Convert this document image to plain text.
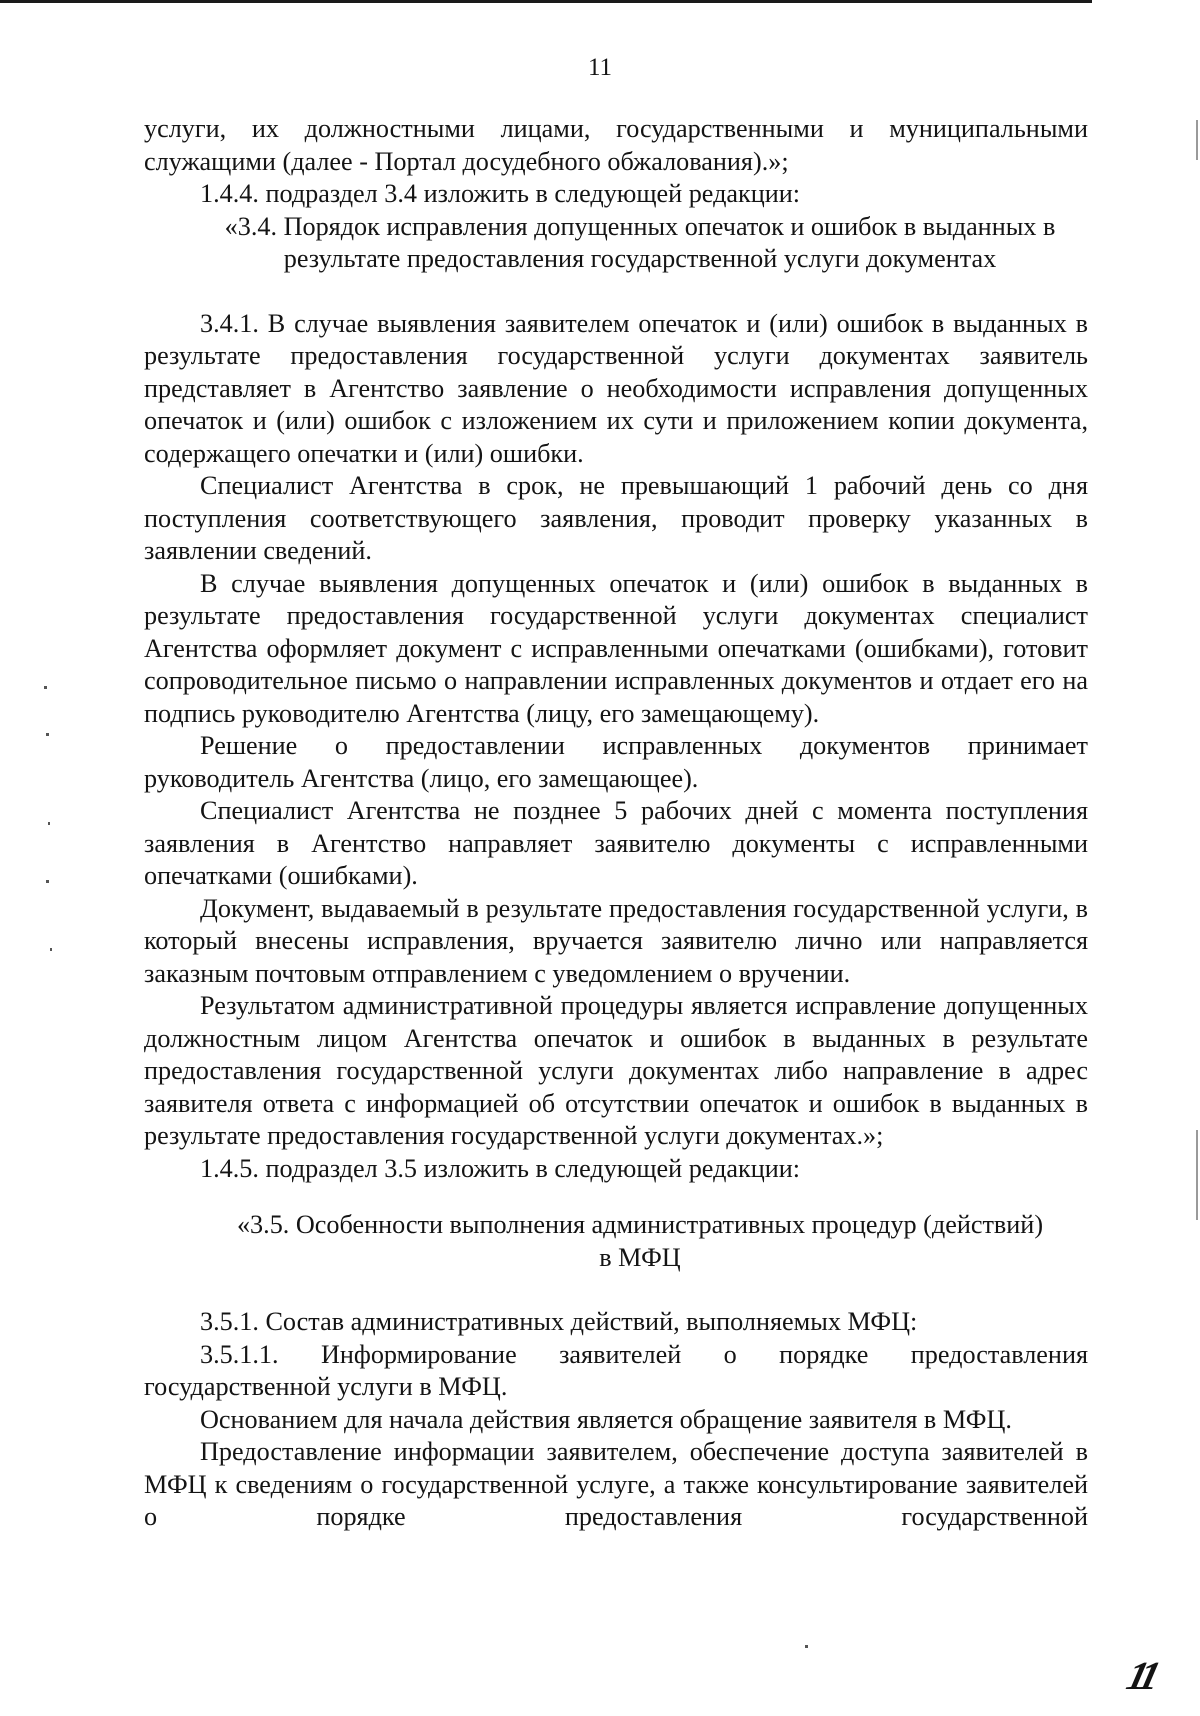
11

услуги, их должностными лицами, государственными и муниципальными служащими (далее - Портал досудебного обжалования).»;

1.4.4. подраздел 3.4 изложить в следующей редакции:

«3.4. Порядок исправления допущенных опечаток и ошибок в выданных в результате предоставления государственной услуги документах

3.4.1. В случае выявления заявителем опечаток и (или) ошибок в выданных в результате предоставления государственной услуги документах заявитель представляет в Агентство заявление о необходимости исправления допущенных опечаток и (или) ошибок с изложением их сути и приложением копии документа, содержащего опечатки и (или) ошибки.

Специалист Агентства в срок, не превышающий 1 рабочий день со дня поступления соответствующего заявления, проводит проверку указанных в заявлении сведений.

В случае выявления допущенных опечаток и (или) ошибок в выданных в результате предоставления государственной услуги документах специалист Агентства оформляет документ с исправленными опечатками (ошибками), готовит сопроводительное письмо о направлении исправленных документов и отдает его на подпись руководителю Агентства (лицу, его замещающему).

Решение о предоставлении исправленных документов принимает руководитель Агентства (лицо, его замещающее).

Специалист Агентства не позднее 5 рабочих дней с момента поступления заявления в Агентство направляет заявителю документы с исправленными опечатками (ошибками).

Документ, выдаваемый в результате предоставления государственной услуги, в который внесены исправления, вручается заявителю лично или направляется заказным почтовым отправлением с уведомлением о вручении.

Результатом административной процедуры является исправление допущенных должностным лицом Агентства опечаток и ошибок в выданных в результате предоставления государственной услуги документах либо направление в адрес заявителя ответа с информацией об отсутствии опечаток и ошибок в выданных в результате предоставления государственной услуги документах.»;

1.4.5. подраздел 3.5 изложить в следующей редакции:

«3.5. Особенности выполнения административных процедур (действий)

в МФЦ

3.5.1. Состав административных действий, выполняемых МФЦ:

3.5.1.1. Информирование заявителей о порядке предоставления государственной услуги в МФЦ.

Основанием для начала действия является обращение заявителя в МФЦ.

Предоставление информации заявителем, обеспечение доступа заявителей в МФЦ к сведениям о государственной услуге, а также консультирование заявителей о порядке предоставления государственной

11
